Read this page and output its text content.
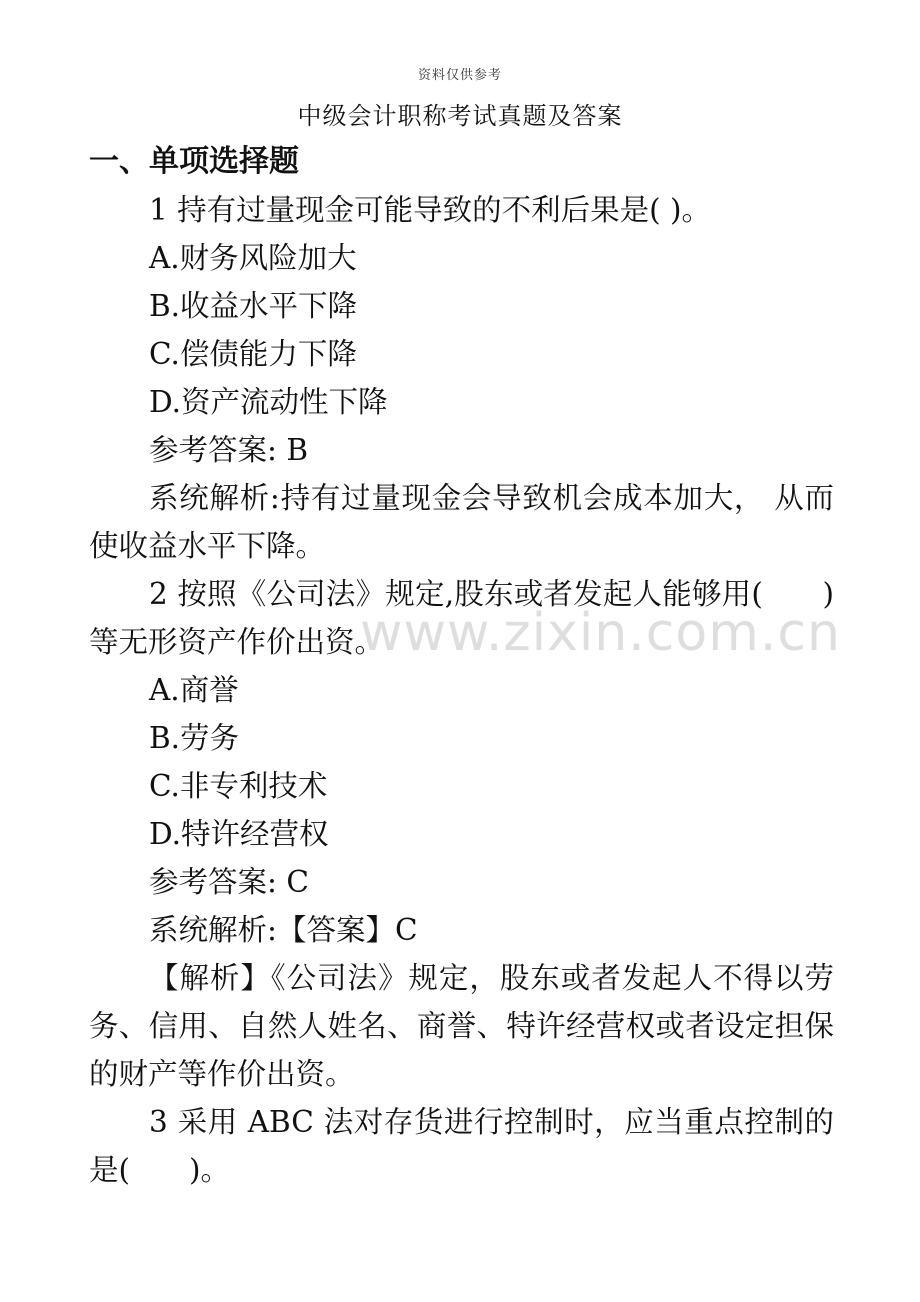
资料仅供参考
中级会计职称考试真题及答案

一、单项选择题

1 持有过量现金可能导致的不利后果是( )。

A.财务风险加大

B.收益水平下降

C.偿债能力下降

D.资产流动性下降

参考答案: B

系统解析:持有过量现金会导致机会成本加大， 从而使收益水平下降。

2 按照《公司法》规定,股东或者发起人能够用(　　)等无形资产作价出资。

A.商誉

B.劳务

C.非专利技术

D.特许经营权

参考答案: C

系统解析:【答案】C

【解析】《公司法》规定，股东或者发起人不得以劳务、信用、自然人姓名、商誉、特许经营权或者设定担保的财产等作价出资。

3 采用 ABC 法对存货进行控制时，应当重点控制的是(　　)。

www.zixin.com.cn
